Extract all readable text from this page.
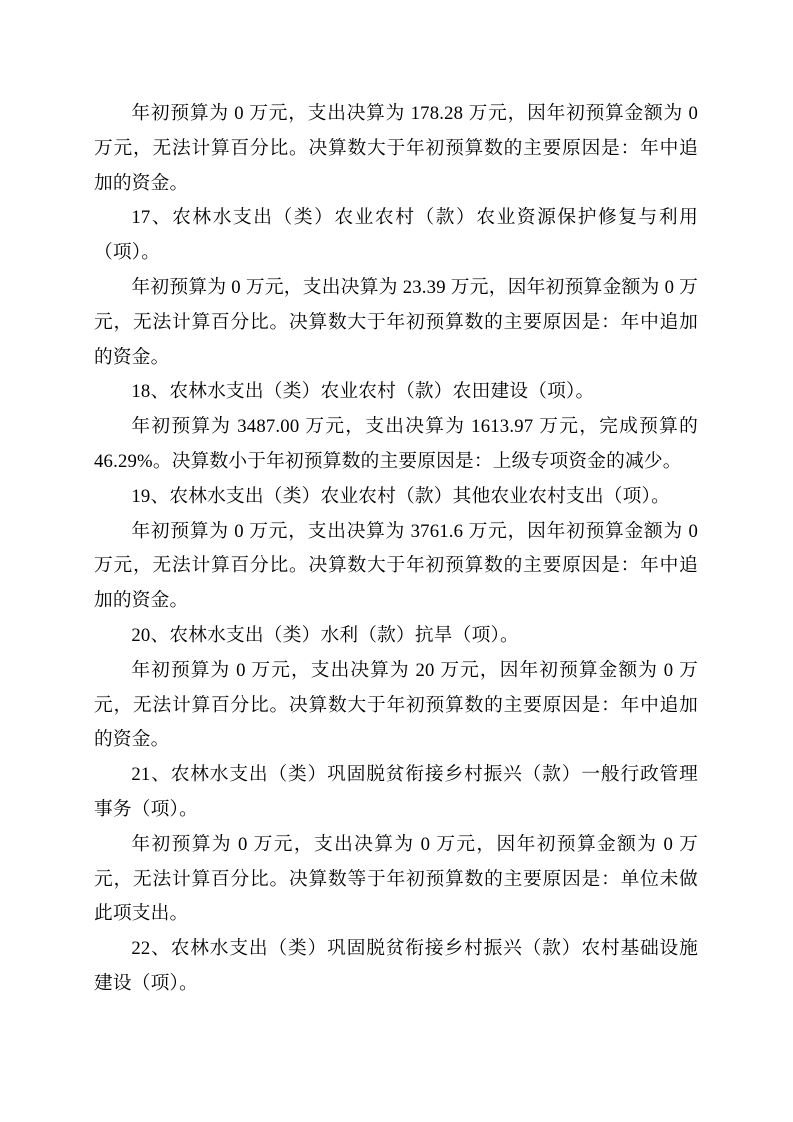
年初预算为 0 万元，支出决算为 178.28 万元，因年初预算金额为 0 万元，无法计算百分比。决算数大于年初预算数的主要原因是：年中追加的资金。

17、农林水支出（类）农业农村（款）农业资源保护修复与利用（项）。

年初预算为 0 万元，支出决算为 23.39 万元，因年初预算金额为 0 万元，无法计算百分比。决算数大于年初预算数的主要原因是：年中追加的资金。

18、农林水支出（类）农业农村（款）农田建设（项）。

年初预算为 3487.00 万元，支出决算为 1613.97 万元，完成预算的 46.29%。决算数小于年初预算数的主要原因是：上级专项资金的减少。

19、农林水支出（类）农业农村（款）其他农业农村支出（项）。

年初预算为 0 万元，支出决算为 3761.6 万元，因年初预算金额为 0 万元，无法计算百分比。决算数大于年初预算数的主要原因是：年中追加的资金。

20、农林水支出（类）水利（款）抗旱（项）。

年初预算为 0 万元，支出决算为 20 万元，因年初预算金额为 0 万元，无法计算百分比。决算数大于年初预算数的主要原因是：年中追加的资金。

21、农林水支出（类）巩固脱贫衔接乡村振兴（款）一般行政管理事务（项）。

年初预算为 0 万元，支出决算为 0 万元，因年初预算金额为 0 万元，无法计算百分比。决算数等于年初预算数的主要原因是：单位未做此项支出。

22、农林水支出（类）巩固脱贫衔接乡村振兴（款）农村基础设施建设（项）。
